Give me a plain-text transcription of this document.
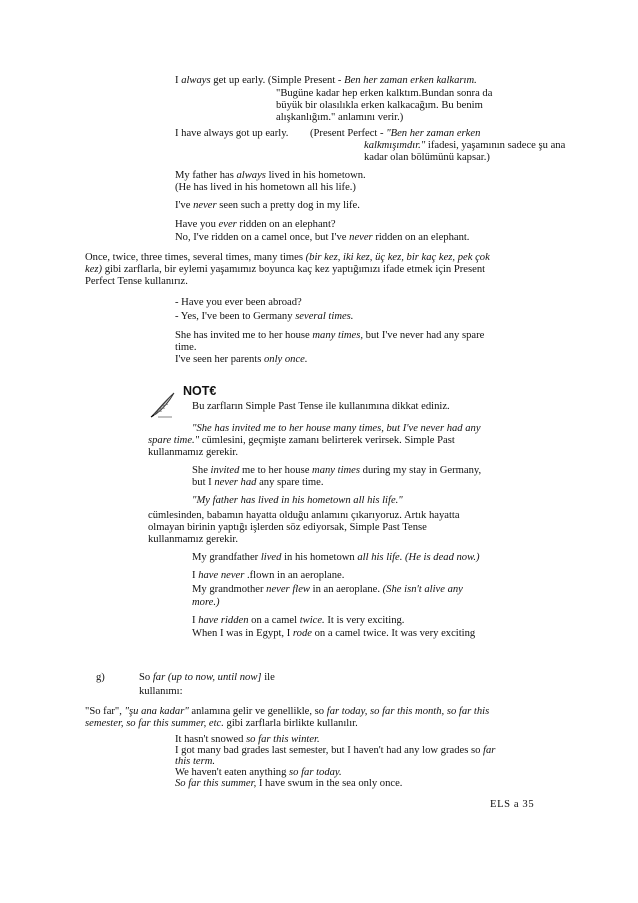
I always get up early. (Simple Present - Ben her zaman erken kalkarım.
"Bugüne kadar hep erken kalktım.Bundan sonra da
büyük bir olasılıkla erken kalkacağım. Bu benim
alışkanlığım." anlamını verir.)
I have always got up early. (Present Perfect - "Ben her zaman erken
kalkmışımdır." ifadesi, yaşamının sadece şu ana
kadar olan bölümünü kapsar.)
My father has always lived in his hometown.
(He has lived in his hometown all his life.)
I've never seen such a pretty dog in my life.
Have you ever ridden on an elephant?
No, I've ridden on a camel once, but I've never ridden on an elephant.
Once, twice, three times, several times, many times (bir kez, iki kez, üç kez, bir kaç kez, pek çok
kez) gibi zarflarla, bir eylemi yaşamımız boyunca kaç kez yaptığımızı ifade etmek için Present
Perfect Tense kullanırız.
- Have you ever been abroad?
- Yes, I've been to Germany several times.
She has invited me to her house many times, but I've never had any spare
time.
I've seen her parents only once.
NOT€
Bu zarfların Simple Past Tense ile kullanımına dikkat ediniz.
"She has invited me to her house many times, but I've never had any
spare time." cümlesini, geçmişte zamanı belirterek verirsek. Simple Past
kullanmamız gerekir.
She invited me to her house many times during my stay in Germany,
but I never had any spare time.
"My father has lived in his hometown all his life."
cümlesinden, babamın hayatta olduğu anlamını çıkarıyoruz. Artık hayatta
olmayan birinin yaptığı işlerden söz ediyorsak, Simple Past Tense
kullanmamız gerekir.
My grandfather lived in his hometown all his life. (He is dead now.)
I have never .flown in an aeroplane.
My grandmother never flew in an aeroplane. (She isn't alive any
more.)
I have ridden on a camel twice. It is very exciting.
When I was in Egypt, I rode on a camel twice. It was very exciting
g)	So far (up to now, until now] ile
kullanımı:
"So far", "şu ana kadar" anlamına gelir ve genellikle, so far today, so far this month, so far this
semester, so far this summer, etc. gibi zarflarla birlikte kullanılır.
It hasn't snowed so far this winter.
I got many bad grades last semester, but I haven't had any low grades so far
this term.
We haven't eaten anything so far today.
So far this summer, I have swum in the sea only once.
ELS a 35
